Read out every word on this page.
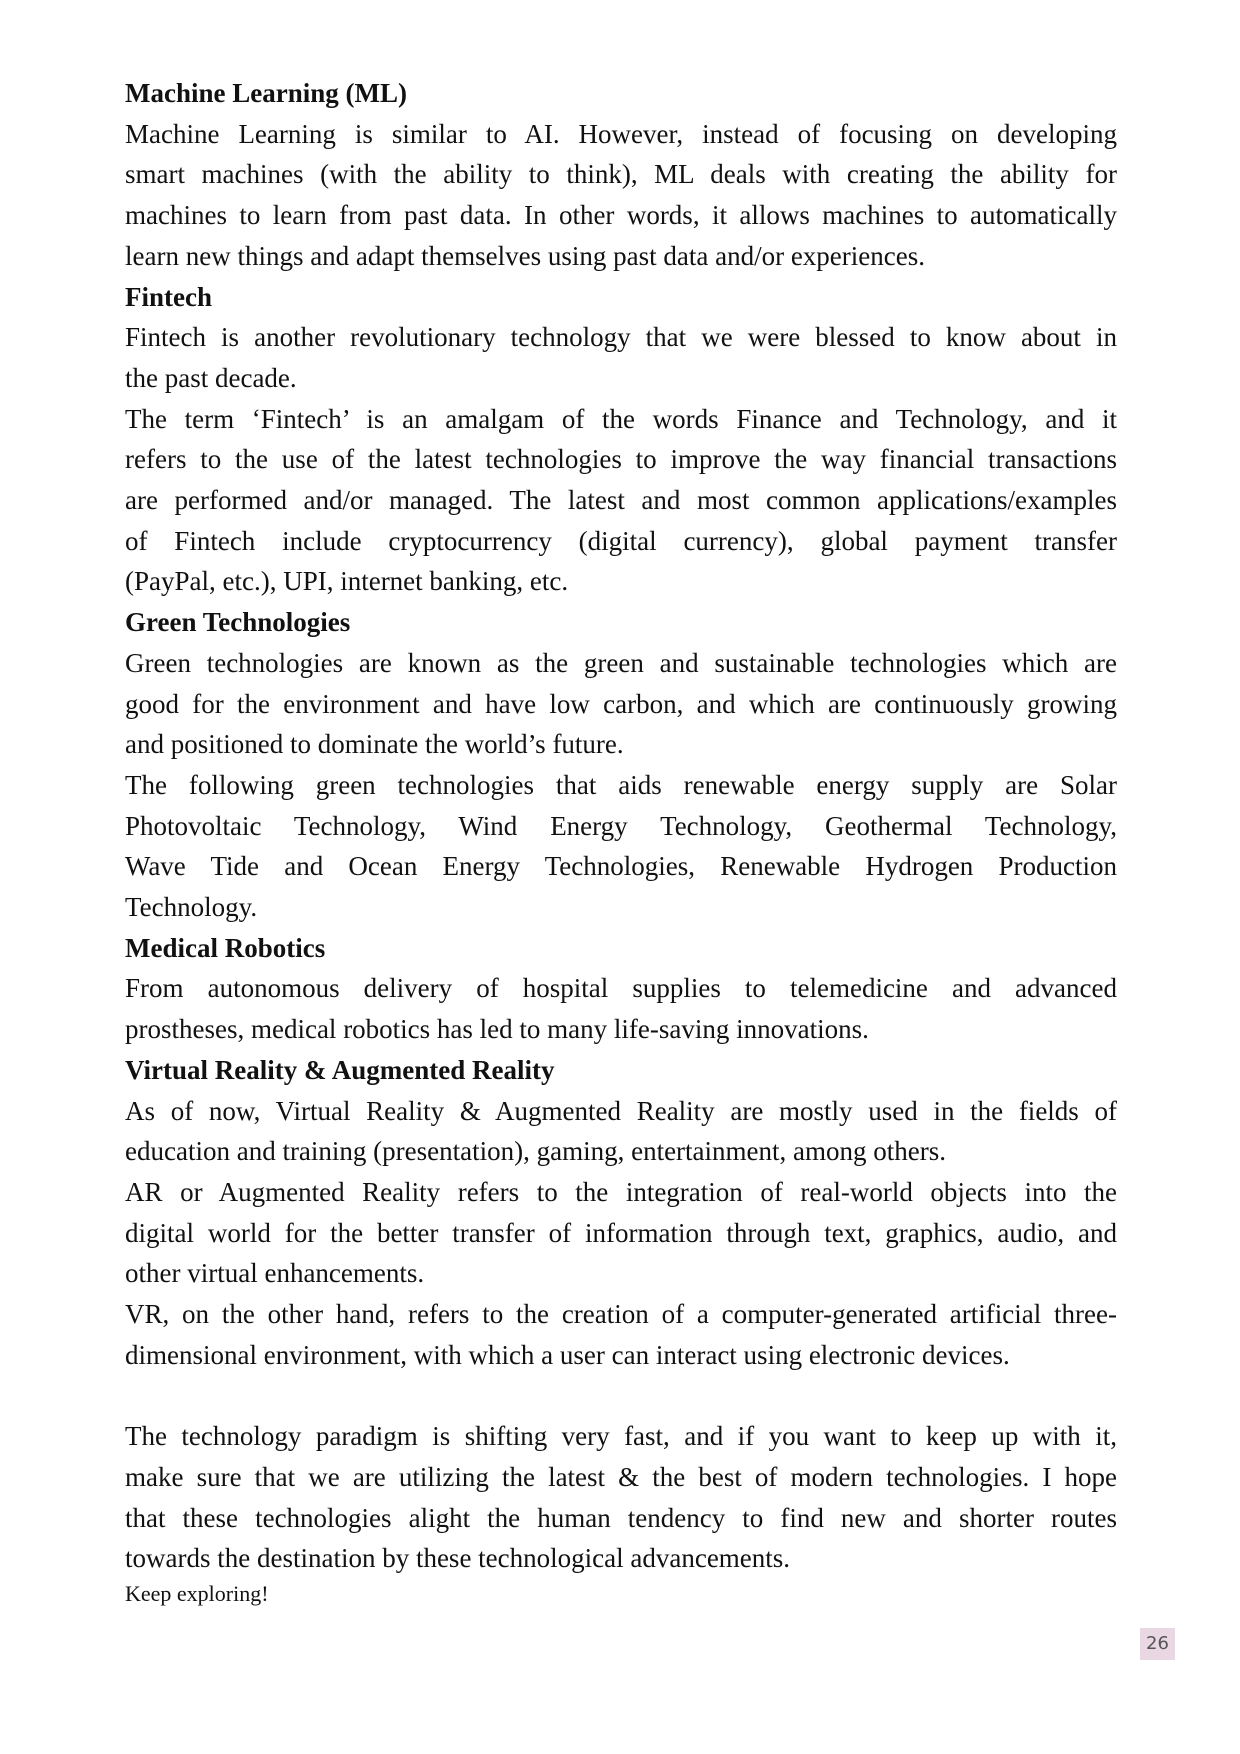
Machine Learning (ML)
Machine Learning is similar to AI. However, instead of focusing on developing
smart machines (with the ability to think), ML deals with creating the ability for
machines to learn from past data. In other words, it allows machines to automatically
learn new things and adapt themselves using past data and/or experiences.
Fintech
Fintech is another revolutionary technology that we were blessed to know about in
the past decade.
The term ‘Fintech’ is an amalgam of the words Finance and Technology, and it
refers to the use of the latest technologies to improve the way financial transactions
are performed and/or managed. The latest and most common applications/examples
of Fintech include cryptocurrency (digital currency), global payment transfer
(PayPal, etc.), UPI, internet banking, etc.
Green Technologies
Green technologies are known as the green and sustainable technologies which are
good for the environment and have low carbon, and which are continuously growing
and positioned to dominate the world’s future.
The following green technologies that aids renewable energy supply are Solar
Photovoltaic Technology, Wind Energy Technology, Geothermal Technology,
Wave Tide and Ocean Energy Technologies, Renewable Hydrogen Production
Technology.
Medical Robotics
From autonomous delivery of hospital supplies to telemedicine and advanced
prostheses, medical robotics has led to many life-saving innovations.
Virtual Reality & Augmented Reality
As of now, Virtual Reality & Augmented Reality are mostly used in the fields of
education and training (presentation), gaming, entertainment, among others.
AR or Augmented Reality refers to the integration of real-world objects into the
digital world for the better transfer of information through text, graphics, audio, and
other virtual enhancements.
VR, on the other hand, refers to the creation of a computer-generated artificial three-
dimensional environment, with which a user can interact using electronic devices.
The technology paradigm is shifting very fast, and if you want to keep up with it,
make sure that we are utilizing the latest & the best of modern technologies. I hope
that these technologies alight the human tendency to find new and shorter routes
towards the destination by these technological advancements.
Keep exploring!
26
